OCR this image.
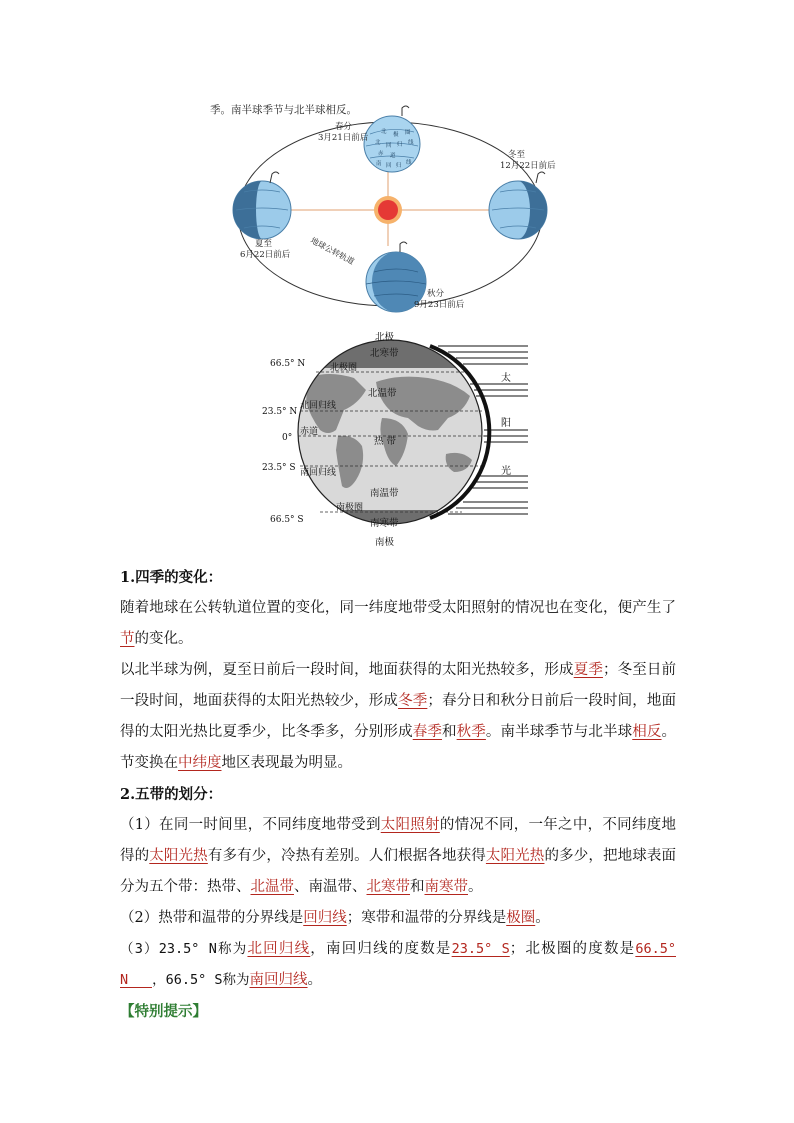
季。南半球季节与北半球相反。
北 极 圈
北 回 归 线
赤 道
南 回 归 线
春分
3月21日前后
冬至
12月22日前后
夏至
6月22日前后
秋分
9月23日前后
地球公转轨道
太
阳
光
北极
南极
66.5° N
23.5° N
0°
23.5° S
66.5° S
北极圈
北回归线
赤道
南回归线
南极圈
北寒带
北温带
热 带
南温带
南寒带
1.四季的变化：
随着地球在公转轨道位置的变化，同一纬度地带受太阳照射的情况也在变化，便产生了
节的变化。
以北半球为例，夏至日前后一段时间，地面获得的太阳光热较多，形成夏季；冬至日前
一段时间，地面获得的太阳光热较少，形成冬季；春分日和秋分日前后一段时间，地面
得的太阳光热比夏季少，比冬季多，分别形成春季和秋季。南半球季节与北半球相反。
节变换在中纬度地区表现最为明显。
2.五带的划分：
（1）在同一时间里，不同纬度地带受到太阳照射的情况不同，一年之中，不同纬度地
得的太阳光热有多有少，冷热有差别。人们根据各地获得太阳光热的多少，把地球表面
分为五个带：热带、北温带、南温带、北寒带和南寒带。
（2）热带和温带的分界线是回归线；寒带和温带的分界线是极圈。
（3）23.5° N称为北回归线，南回归线的度数是23.5° S；北极圈的度数是66.5°
N ，66.5° S称为南回归线。
【特别提示】
